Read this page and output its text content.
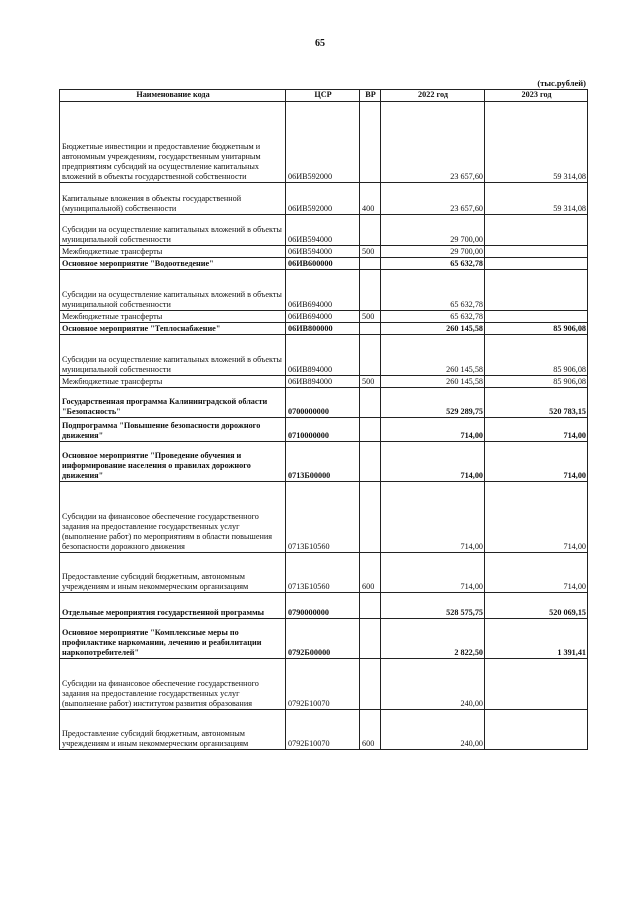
65
(тыс.рублей)
Наименование кода	ЦСР	ВР	2022 год	2023 год
Бюджетные инвестиции и предоставление бюджетным и автономным учреждениям, государственным унитарным предприятиям субсидий на осуществление капитальных вложений в объекты государственной собственности	06ИВ592000		23 657,60	59 314,08
Капитальные вложения в объекты государственной (муниципальной) собственности	06ИВ592000	400	23 657,60	59 314,08
Субсидии на осуществление капитальных вложений в объекты муниципальной собственности	06ИВ594000		29 700,00	
Межбюджетные трансферты	06ИВ594000	500	29 700,00	
Основное мероприятие "Водоотведение"	06ИВ600000		65 632,78	
Субсидии на осуществление капитальных вложений в объекты муниципальной собственности	06ИВ694000		65 632,78	
Межбюджетные трансферты	06ИВ694000	500	65 632,78	
Основное мероприятие "Теплоснабжение"	06ИВ800000		260 145,58	85 906,08
Субсидии на осуществление капитальных вложений в объекты муниципальной собственности	06ИВ894000		260 145,58	85 906,08
Межбюджетные трансферты	06ИВ894000	500	260 145,58	85 906,08
Государственная программа Калининградской области "Безопасность"	0700000000		529 289,75	520 783,15
Подпрограмма "Повышение безопасности дорожного движения"	0710000000		714,00	714,00
Основное мероприятие "Проведение обучения и информирование населения о правилах дорожного движения"	0713Б00000		714,00	714,00
Субсидии на финансовое обеспечение государственного задания на предоставление государственных услуг (выполнение работ) по мероприятиям в области повышения безопасности дорожного движения	0713Б10560		714,00	714,00
Предоставление субсидий бюджетным, автономным учреждениям и иным некоммерческим организациям	0713Б10560	600	714,00	714,00
Отдельные мероприятия государственной программы	0790000000		528 575,75	520 069,15
Основное мероприятие "Комплексные меры по профилактике наркомании, лечению и реабилитации наркопотребителей"	0792Б00000		2 822,50	1 391,41
Субсидии на финансовое обеспечение государственного задания на предоставление государственных услуг (выполнение работ) институтом развития образования	0792Б10070		240,00	
Предоставление субсидий бюджетным, автономным учреждениям и иным некоммерческим организациям	0792Б10070	600	240,00	
